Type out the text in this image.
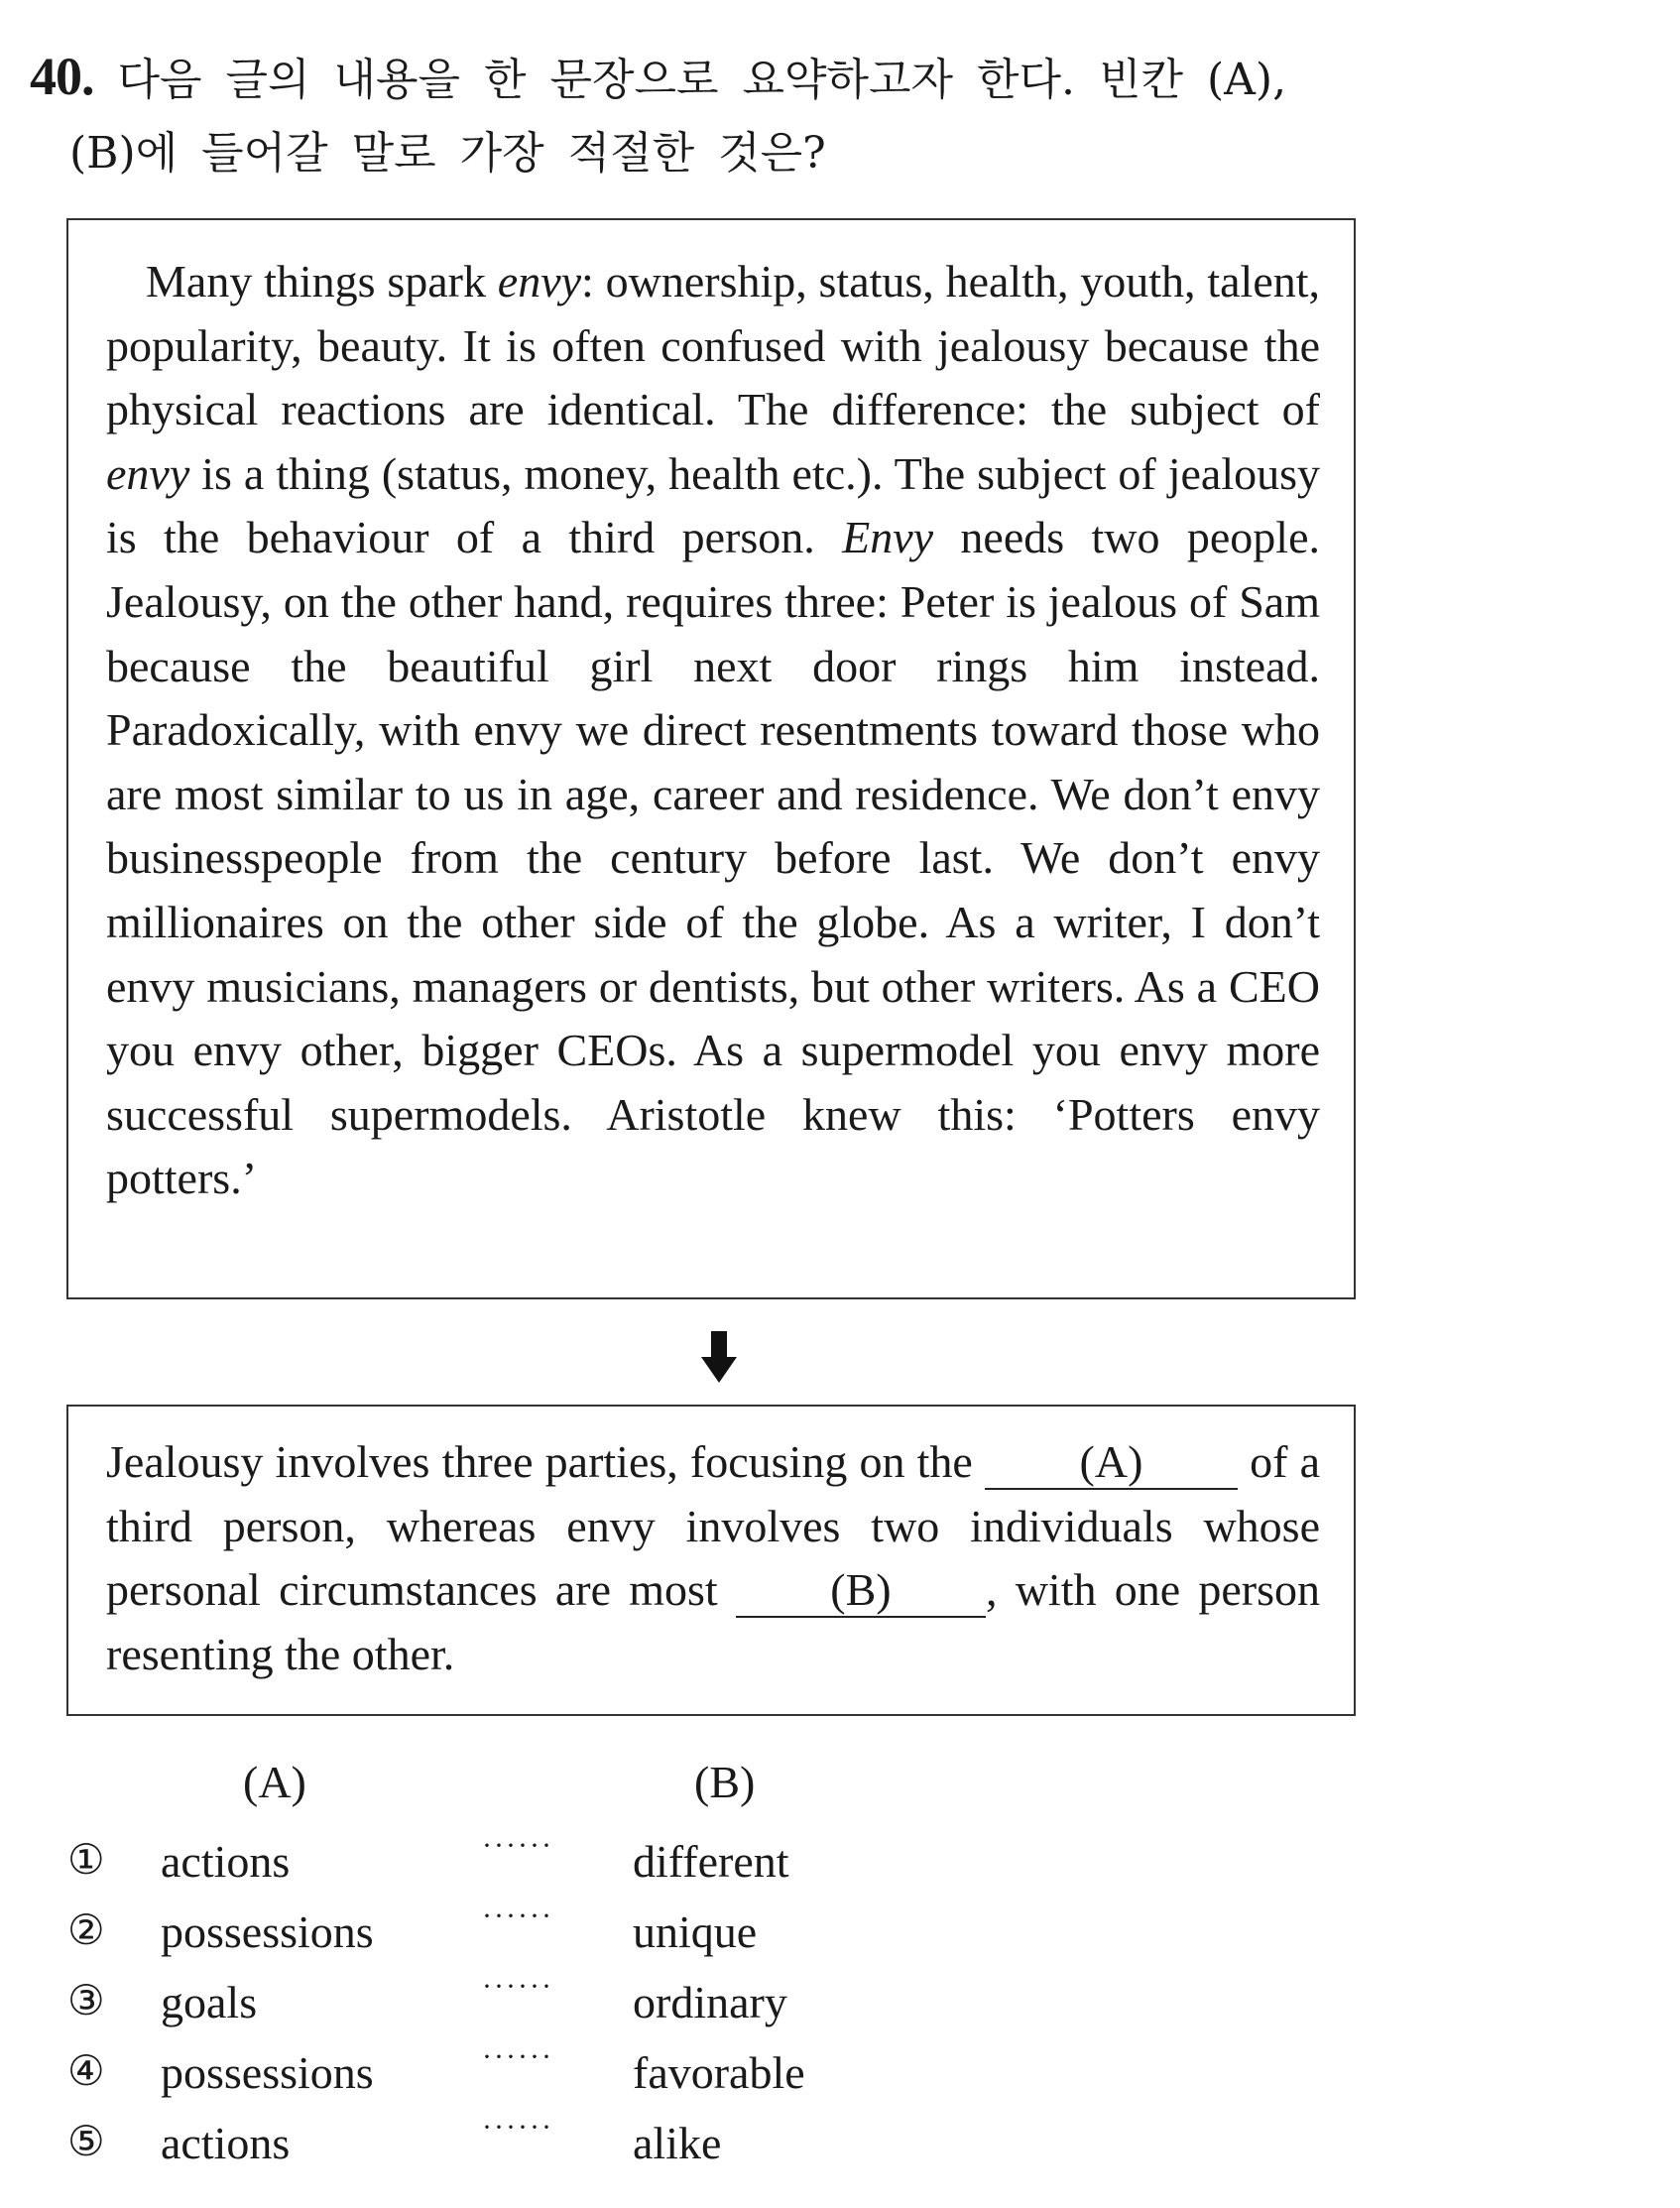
40. 다음 글의 내용을 한 문장으로 요약하고자 한다. 빈칸 (A),
(B)에 들어갈 말로 가장 적절한 것은?

Many things spark envy: ownership, status, health, youth, talent, popularity, beauty. It is often confused with jealousy because the physical reactions are identical. The difference: the subject of envy is a thing (status, money, health etc.). The subject of jealousy is the behaviour of a third person. Envy needs two people. Jealousy, on the other hand, requires three: Peter is jealous of Sam because the beautiful girl next door rings him instead. Paradoxically, with envy we direct resentments toward those who are most similar to us in age, career and residence. We don’t envy businesspeople from the century before last. We don’t envy millionaires on the other side of the globe. As a writer, I don’t envy musicians, managers or dentists, but other writers. As a CEO you envy other, bigger CEOs. As a supermodel you envy more successful supermodels. Aristotle knew this: ‘Potters envy potters.’

Jealousy involves three parties, focusing on the (A) of a third person, whereas envy involves two individuals whose personal circumstances are most (B) , with one person resenting the other.

(A)	(B)
① actions	······ different
② possessions	······ unique
③ goals	······ ordinary
④ possessions	······ favorable
⑤ actions	······ alike
